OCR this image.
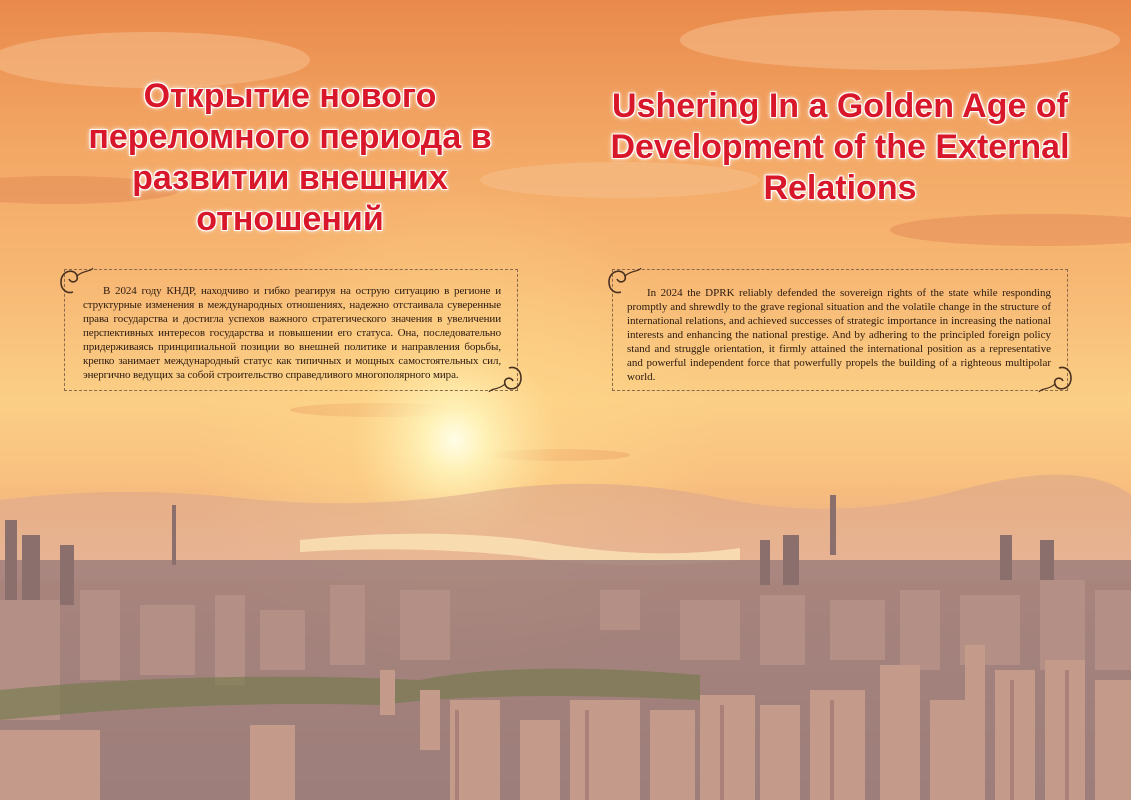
Открытие нового переломного периода в развитии внешних отношений
Ushering In a Golden Age of Development of the External Relations

В 2024 году КНДР, находчиво и гибко реагируя на острую ситуацию в регионе и структурные изменения в международных отношениях, надежно отстаивала суверенные права государства и достигла успехов важного стратегического значения в увеличении перспективных интересов государства и повышении его статуса. Она, последовательно придерживаясь принципиальной позиции во внешней политике и направления борьбы, крепко занимает международный статус как типичных и мощных самостоятельных сил, энергично ведущих за собой строительство справедливого многополярного мира.

In 2024 the DPRK reliably defended the sovereign rights of the state while responding promptly and shrewdly to the grave regional situation and the volatile change in the structure of international relations, and achieved successes of strategic importance in increasing the national interests and enhancing the national prestige. And by adhering to the principled foreign policy stand and struggle orientation, it firmly attained the international position as a representative and powerful independent force that powerfully propels the building of a righteous multipolar world.
